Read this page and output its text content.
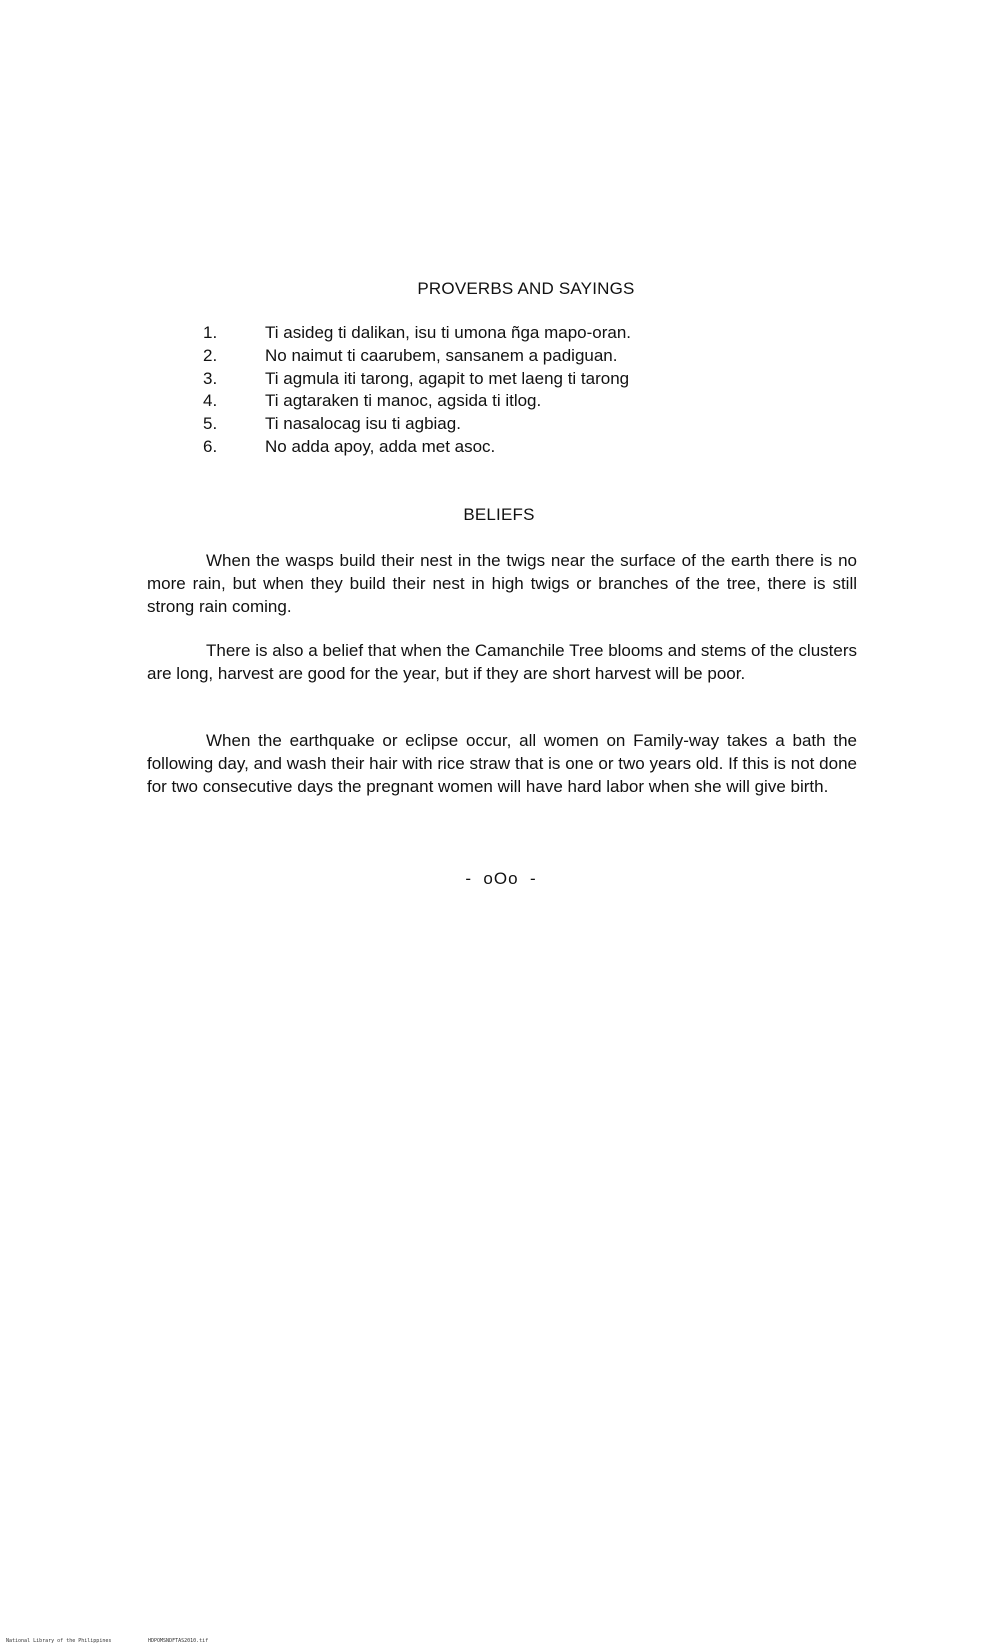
PROVERBS AND SAYINGS
1.	Ti asideg ti dalikan, isu ti umona ñga mapo-oran.
2.	No naimut ti caarubem, sansanem a padiguan.
3.	Ti agmula iti tarong, agapit to met laeng ti tarong
4.	Ti agtaraken ti manoc, agsida ti itlog.
5.	Ti nasalocag isu ti agbiag.
6.	No adda apoy, adda met asoc.
BELIEFS

When the wasps build their nest in the twigs near the surface of the earth there is no more rain, but when they build their nest in high twigs or branches of the tree, there is still strong rain coming.

There is also a belief that when the Camanchile Tree blooms and stems of the clusters are long, harvest are good for the year, but if they are short harvest will be poor.

When the earthquake or eclipse occur, all women on Family-way takes a bath the following day, and wash their hair with rice straw that is one or two years old. If this is not done for two consecutive days the pregnant women will have hard labor when she will give birth.

-  oOo  -
National Library of the Philippines	HDPOMSNDFTAS2010.tif
